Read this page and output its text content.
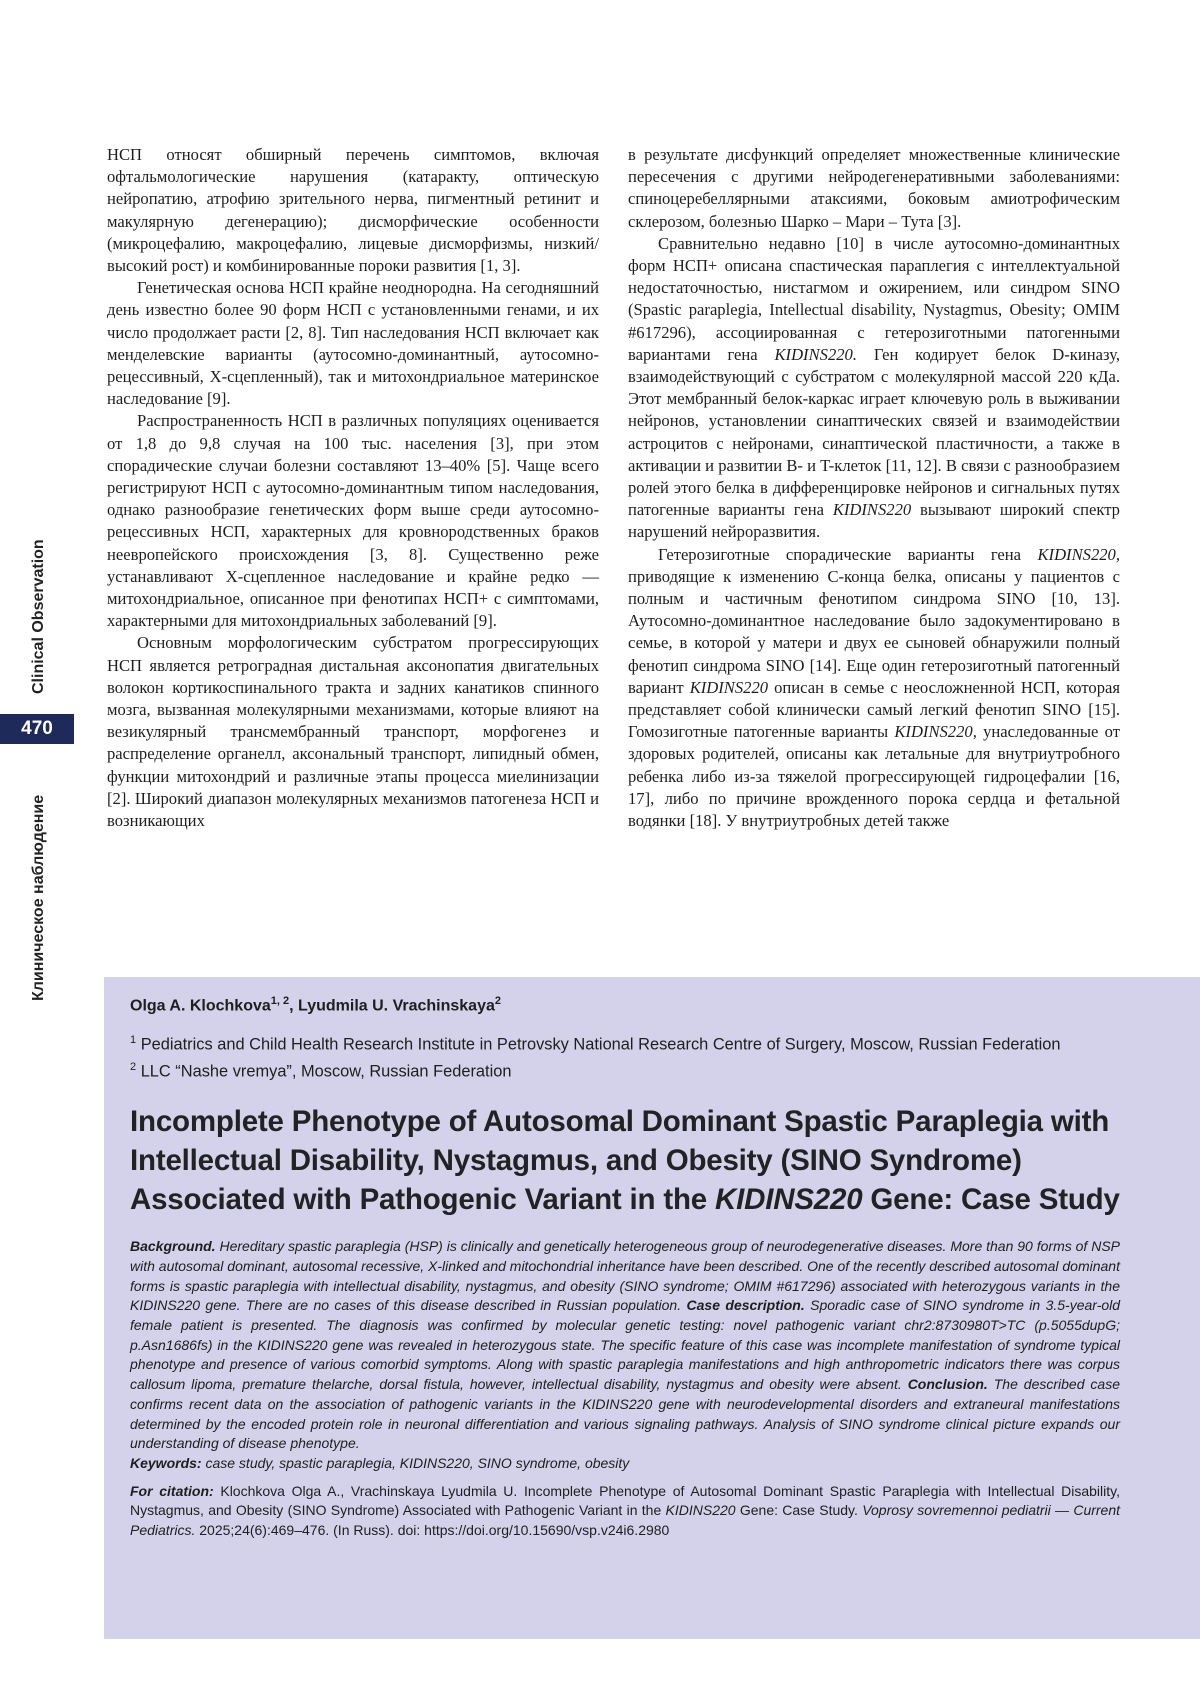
Clinical Observation
470
Клиническое наблюдение

НСП относят обширный перечень симптомов, включая офтальмологические нарушения (катаракту, оптическую нейропатию, атрофию зрительного нерва, пигментный ретинит и макулярную дегенерацию); дисморфические особенности (микроцефалию, макроцефалию, лицевые дисморфизмы, низкий/высокий рост) и комбинированные пороки развития [1, 3].

Генетическая основа НСП крайне неоднородна. На сегодняшний день известно более 90 форм НСП с установленными генами, и их число продолжает расти [2, 8]. Тип наследования НСП включает как менделевские варианты (аутосомно-доминантный, аутосомно-рецессивный, X-сцепленный), так и митохондриальное материнское наследование [9].

Распространенность НСП в различных популяциях оценивается от 1,8 до 9,8 случая на 100 тыс. населения [3], при этом спорадические случаи болезни составляют 13–40% [5]. Чаще всего регистрируют НСП с аутосомно-доминантным типом наследования, однако разнообразие генетических форм выше среди аутосомно-рецессивных НСП, характерных для кровнородственных браков неевропейского происхождения [3, 8]. Существенно реже устанавливают X-сцепленное наследование и крайне редко — митохондриальное, описанное при фенотипах НСП+ с симптомами, характерными для митохондриальных заболеваний [9].

Основным морфологическим субстратом прогрессирующих НСП является ретроградная дистальная аксонопатия двигательных волокон кортикоспинального тракта и задних канатиков спинного мозга, вызванная молекулярными механизмами, которые влияют на везикулярный трансмембранный транспорт, морфогенез и распределение органелл, аксональный транспорт, липидный обмен, функции митохондрий и различные этапы процесса миелинизации [2]. Широкий диапазон молекулярных механизмов патогенеза НСП и возникающих

в результате дисфункций определяет множественные клинические пересечения с другими нейродегенеративными заболеваниями: спиноцеребеллярными атаксиями, боковым амиотрофическим склерозом, болезнью Шарко – Мари – Тута [3].

Сравнительно недавно [10] в числе аутосомно-доминантных форм НСП+ описана спастическая параплегия с интеллектуальной недостаточностью, нистагмом и ожирением, или синдром SINO (Spastic paraplegia, Intellectual disability, Nystagmus, Obesity; OMIM #617296), ассоциированная с гетерозиготными патогенными вариантами гена KIDINS220. Ген кодирует белок D-киназу, взаимодействующий с субстратом с молекулярной массой 220 кДа. Этот мембранный белок-каркас играет ключевую роль в выживании нейронов, установлении синаптических связей и взаимодействии астроцитов с нейронами, синаптической пластичности, а также в активации и развитии B- и T-клеток [11, 12]. В связи с разнообразием ролей этого белка в дифференцировке нейронов и сигнальных путях патогенные варианты гена KIDINS220 вызывают широкий спектр нарушений нейроразвития.

Гетерозиготные спорадические варианты гена KIDINS220, приводящие к изменению C-конца белка, описаны у пациентов с полным и частичным фенотипом синдрома SINO [10, 13]. Аутосомно-доминантное наследование было задокументировано в семье, в которой у матери и двух ее сыновей обнаружили полный фенотип синдрома SINO [14]. Еще один гетерозиготный патогенный вариант KIDINS220 описан в семье с неосложненной НСП, которая представляет собой клинически самый легкий фенотип SINO [15]. Гомозиготные патогенные варианты KIDINS220, унаследованные от здоровых родителей, описаны как летальные для внутриутробного ребенка либо из-за тяжелой прогрессирующей гидроцефалии [16, 17], либо по причине врожденного порока сердца и фетальной водянки [18]. У внутриутробных детей также

Olga A. Klochkova$^{1, 2}$, Lyudmila U. Vrachinskaya$^2$

$^1$ Pediatrics and Child Health Research Institute in Petrovsky National Research Centre of Surgery, Moscow, Russian Federation

$^2$ LLC “Nashe vremya”, Moscow, Russian Federation

Incomplete Phenotype of Autosomal Dominant Spastic Paraplegia with Intellectual Disability, Nystagmus, and Obesity (SINO Syndrome) Associated with Pathogenic Variant in the KIDINS220 Gene: Case Study

Background. Hereditary spastic paraplegia (HSP) is clinically and genetically heterogeneous group of neurodegenerative diseases. More than 90 forms of NSP with autosomal dominant, autosomal recessive, X-linked and mitochondrial inheritance have been described. One of the recently described autosomal dominant forms is spastic paraplegia with intellectual disability, nystagmus, and obesity (SINO syndrome; OMIM #617296) associated with heterozygous variants in the KIDINS220 gene. There are no cases of this disease described in Russian population. Case description. Sporadic case of SINO syndrome in 3.5-year-old female patient is presented. The diagnosis was confirmed by molecular genetic testing: novel pathogenic variant chr2:8730980T>TC (p.5055dupG; p.Asn1686fs) in the KIDINS220 gene was revealed in heterozygous state. The specific feature of this case was incomplete manifestation of syndrome typical phenotype and presence of various comorbid symptoms. Along with spastic paraplegia manifestations and high anthropometric indicators there was corpus callosum lipoma, premature thelarche, dorsal fistula, however, intellectual disability, nystagmus and obesity were absent. Conclusion. The described case confirms recent data on the association of pathogenic variants in the KIDINS220 gene with neurodevelopmental disorders and extraneural manifestations determined by the encoded protein role in neuronal differentiation and various signaling pathways. Analysis of SINO syndrome clinical picture expands our understanding of disease phenotype.

Keywords: case study, spastic paraplegia, KIDINS220, SINO syndrome, obesity

For citation: Klochkova Olga A., Vrachinskaya Lyudmila U. Incomplete Phenotype of Autosomal Dominant Spastic Paraplegia with Intellectual Disability, Nystagmus, and Obesity (SINO Syndrome) Associated with Pathogenic Variant in the KIDINS220 Gene: Case Study. Voprosy sovremennoi pediatrii — Current Pediatrics. 2025;24(6):469–476. (In Russ). doi: https://doi.org/10.15690/vsp.v24i6.2980
